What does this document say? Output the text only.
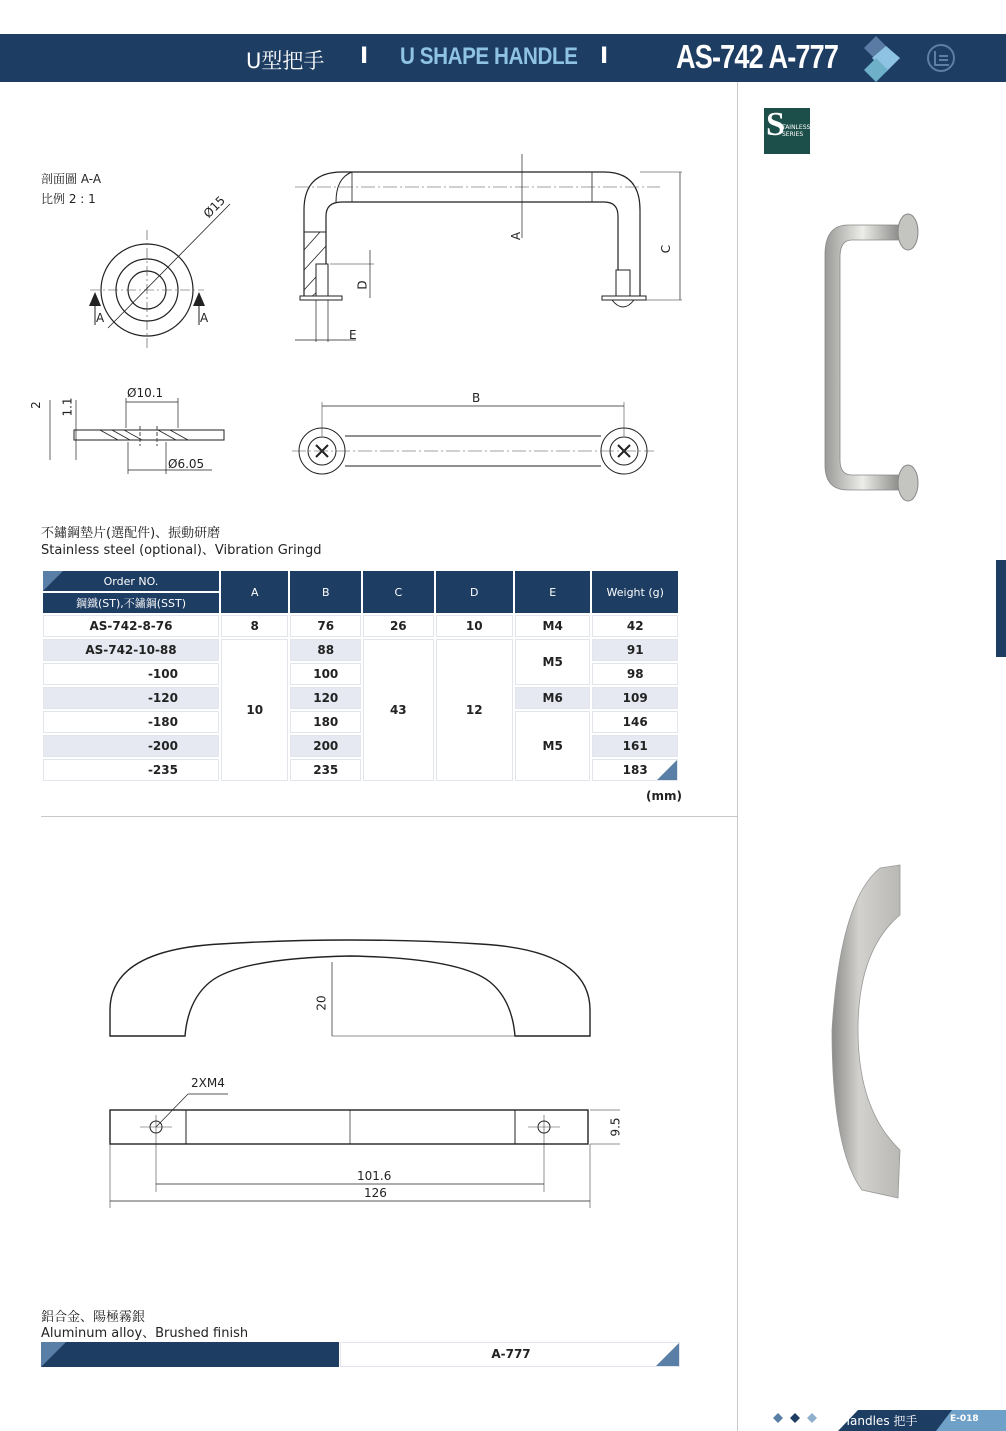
U型把手 I U SHAPE HANDLE I AS-742 A-777
S
TAINLESS
SERIES
剖面圖 A-A
比例 2 : 1
A	A
Ø15
2 1.1
Ø10.1
Ø6.05
A
C
D
E
B
不鏽鋼墊片(選配件)、振動研磨
Stainless steel (optional)、Vibration Gringd
Order NO.	A	B	C	D	E	Weight (g)
鋼鐵(ST),不鏽鋼(SST)						
AS-742-8-76	8	76	26	10	M4	42
AS-742-10-88	10	88	43	12	M5	91
-100		100				98
-120		120			M6	109
-180		180			M5	146
-200		200				161
-235		235				183
(mm)
20
2XM4
9.5
101.6
126
鋁合金、陽極霧銀
Aluminum alloy、Brushed finish
A-777
Handles 把手	E-018
